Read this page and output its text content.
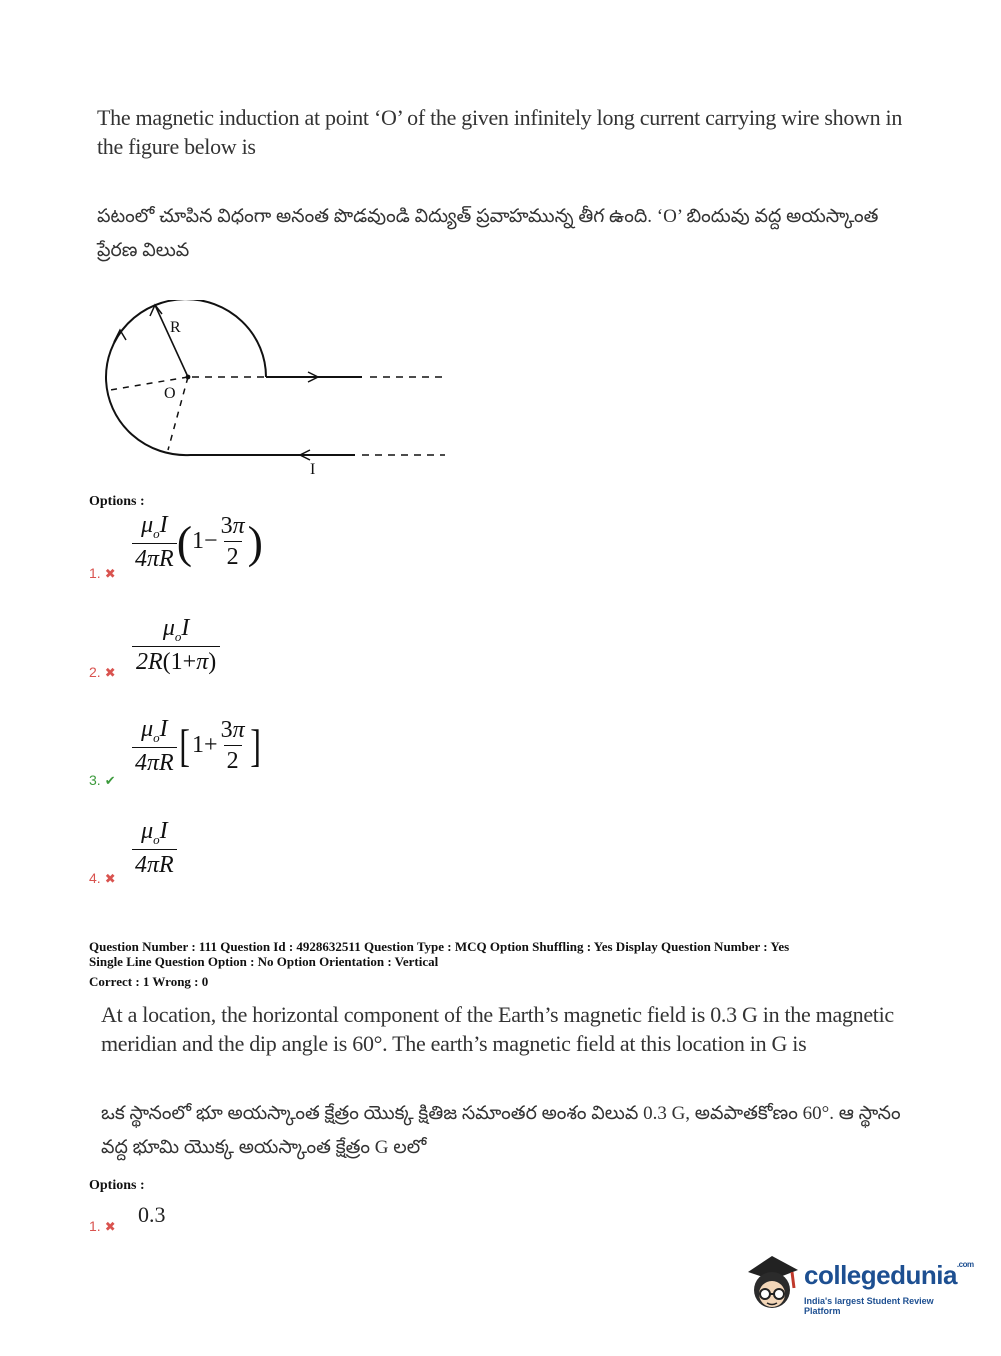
The magnetic induction at point ‘O’ of the given infinitely long current carrying wire shown in the figure below is
పటంలో చూపిన విధంగా అనంత పొడవుండి విద్యుత్ ప్రవాహమున్న తీగ ఉంది. ‘O’ బిందువు వద్ద అయస్కాంత ప్రేరణ విలువ
R
O
I
Options :
1. ✖
$\frac{\mu_oI}{4\pi R} (1- \frac{3\pi}{2}$ )
2. ✖ $\frac{\mu_oI}{2R(1+\pi)}$
3. ✔
$\frac{\mu_oI}{4\pi R} [1+ \frac{3\pi}{2}$ ]
4. ✖ $\frac{\mu_oI}{4\pi R}$
Question Number : 111 Question Id : 4928632511 Question Type : MCQ Option Shuffling : Yes Display Question Number : Yes
Single Line Question Option : No Option Orientation : Vertical
Correct : 1 Wrong : 0
At a location, the horizontal component of the Earth’s magnetic field is 0.3 G in the magnetic meridian and the dip angle is 60°. The earth’s magnetic field at this location in G is
ఒక స్థానంలో భూ అయస్కాంత క్షేత్రం యొక్క క్షితిజ సమాంతర అంశం విలువ 0.3 G, అవపాతకోణం 60°. ఆ స్థానం వద్ద భూమి యొక్క అయస్కాంత క్షేత్రం G లలో
Options :
1. ✖ 0.3
collegedunia$^{.com}$
India's largest Student Review Platform
